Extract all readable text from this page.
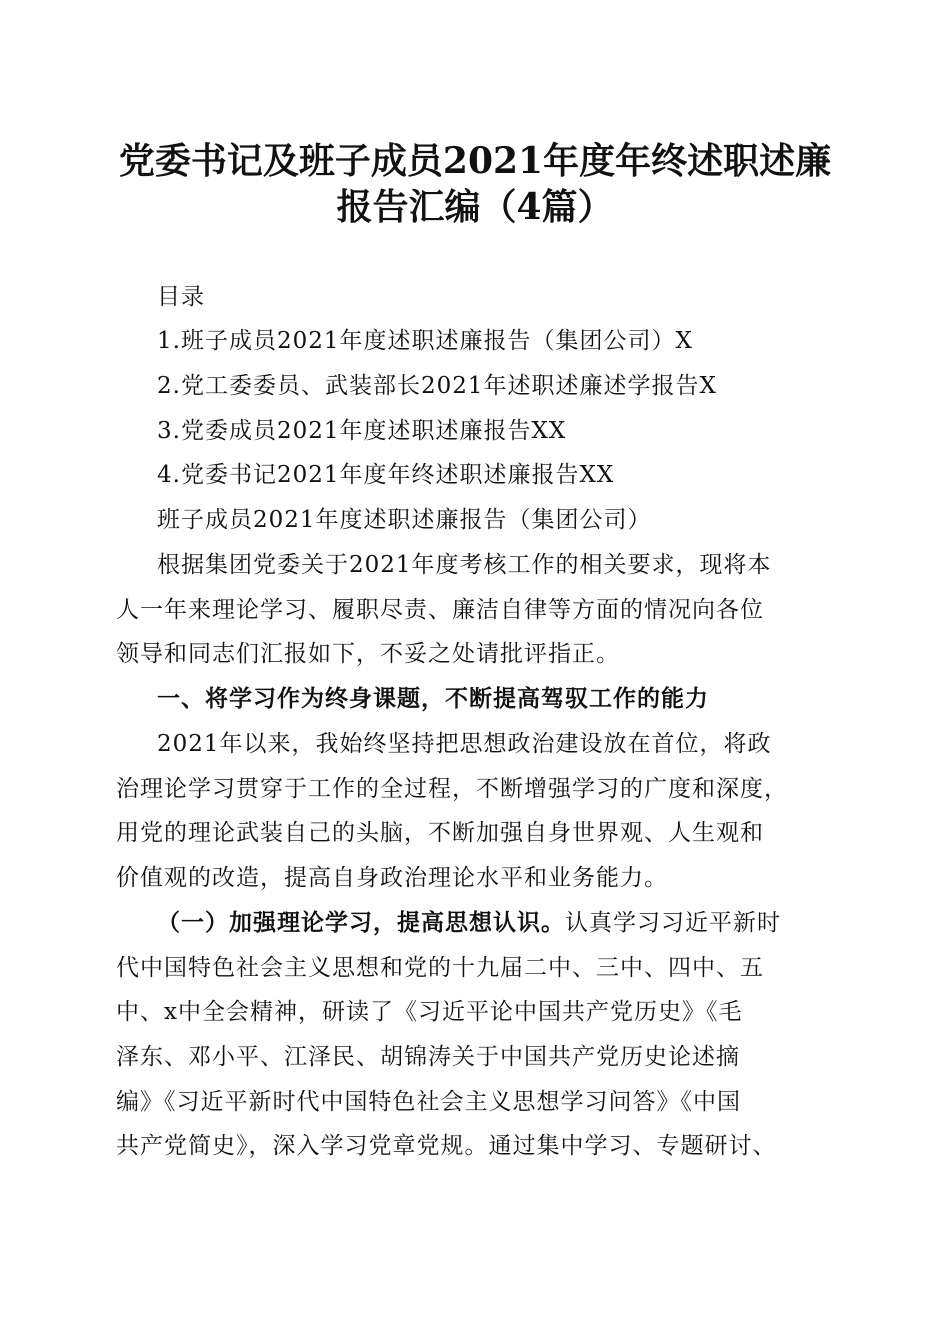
党委书记及班子成员2021年度年终述职述廉
报告汇编（4篇）

目录

1.班子成员2021年度述职述廉报告（集团公司）X

2.党工委委员、武装部长2021年述职述廉述学报告X

3.党委成员2021年度述职述廉报告XX

4.党委书记2021年度年终述职述廉报告XX

班子成员2021年度述职述廉报告（集团公司）

根据集团党委关于2021年度考核工作的相关要求，现将本

人一年来理论学习、履职尽责、廉洁自律等方面的情况向各位

领导和同志们汇报如下，不妥之处请批评指正。

一、将学习作为终身课题，不断提高驾驭工作的能力

2021年以来，我始终坚持把思想政治建设放在首位，将政

治理论学习贯穿于工作的全过程，不断增强学习的广度和深度，

用党的理论武装自己的头脑，不断加强自身世界观、人生观和

价值观的改造，提高自身政治理论水平和业务能力。

（一）加强理论学习，提高思想认识。认真学习习近平新时

代中国特色社会主义思想和党的十九届二中、三中、四中、五

中、x中全会精神，研读了《习近平论中国共产党历史》《毛

泽东、邓小平、江泽民、胡锦涛关于中国共产党历史论述摘

编》《习近平新时代中国特色社会主义思想学习问答》《中国

共产党简史》，深入学习党章党规。通过集中学习、专题研讨、
